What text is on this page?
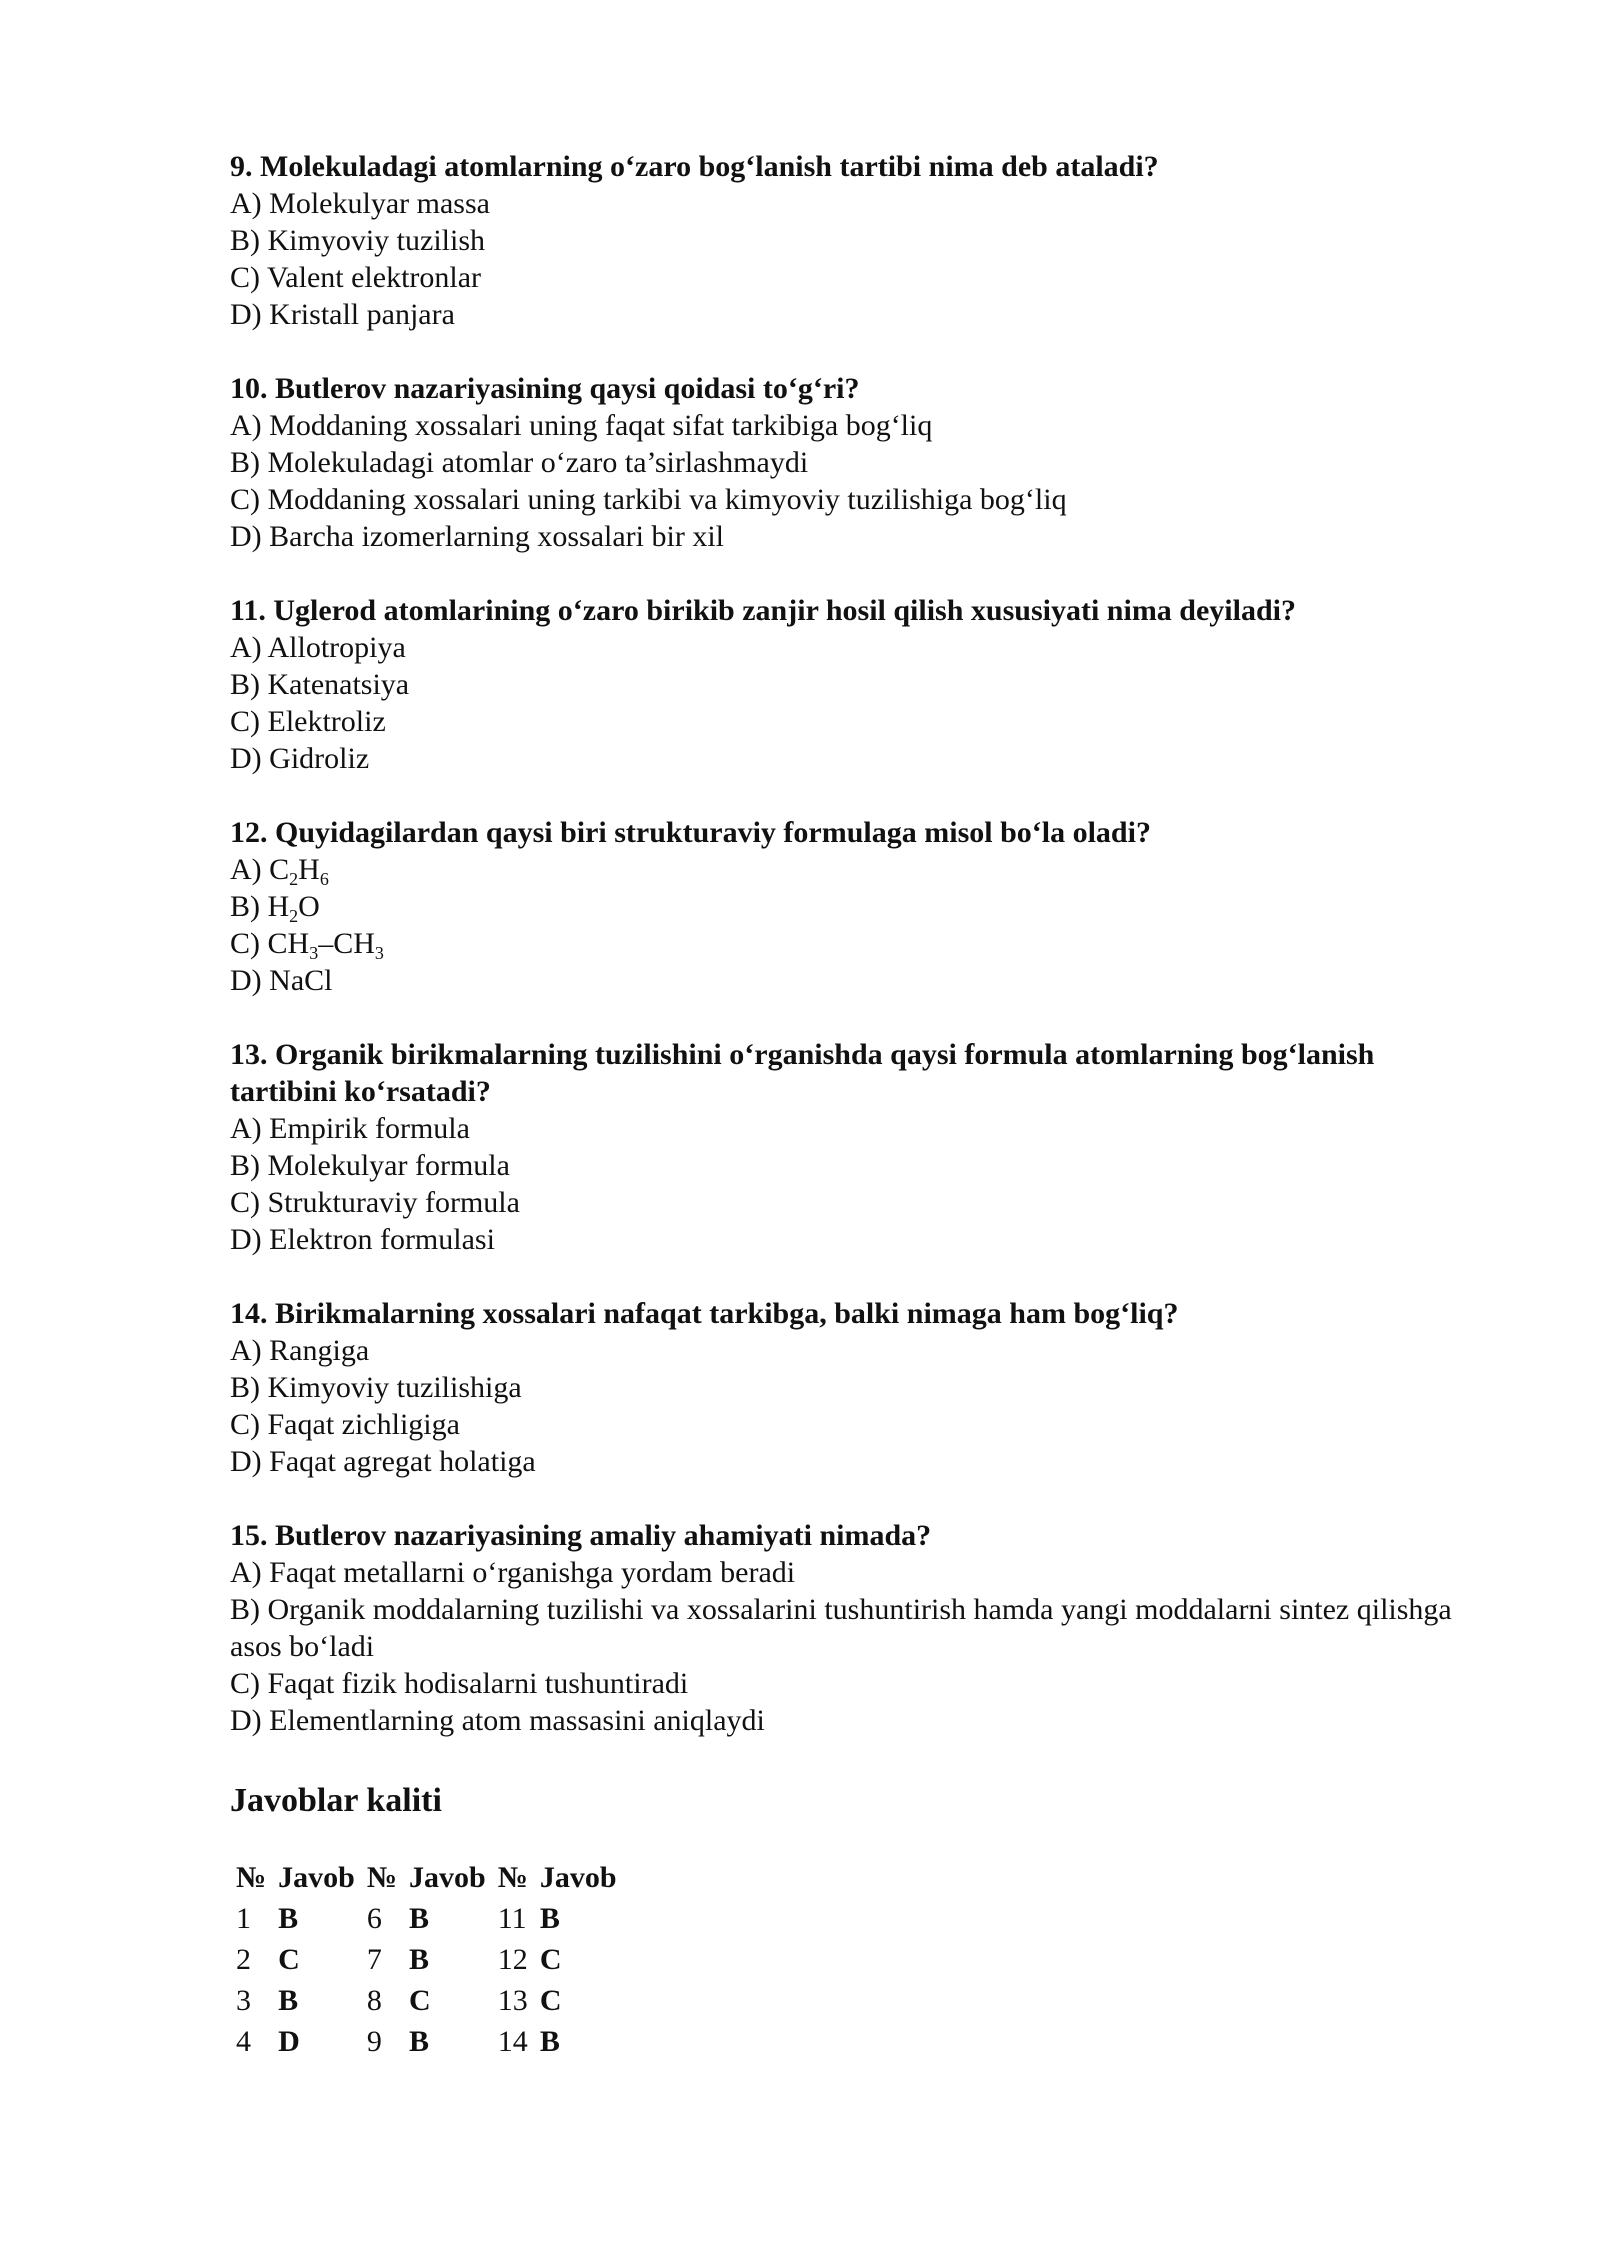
9. Molekuladagi atomlarning o‘zaro bog‘lanish tartibi nima deb ataladi?

A) Molekulyar massa

B) Kimyoviy tuzilish

C) Valent elektronlar

D) Kristall panjara

10. Butlerov nazariyasining qaysi qoidasi to‘g‘ri?

A) Moddaning xossalari uning faqat sifat tarkibiga bog‘liq

B) Molekuladagi atomlar o‘zaro ta’sirlashmaydi

C) Moddaning xossalari uning tarkibi va kimyoviy tuzilishiga bog‘liq

D) Barcha izomerlarning xossalari bir xil

11. Uglerod atomlarining o‘zaro birikib zanjir hosil qilish xususiyati nima deyiladi?

A) Allotropiya

B) Katenatsiya

C) Elektroliz

D) Gidroliz

12. Quyidagilardan qaysi biri strukturaviy formulaga misol bo‘la oladi?

A) $C_2H_6$

B) $H_2O$

C) $CH_3-CH_3$

D) NaCl

13. Organik birikmalarning tuzilishini o‘rganishda qaysi formula atomlarning bog‘lanish tartibini ko‘rsatadi?

A) Empirik formula

B) Molekulyar formula

C) Strukturaviy formula

D) Elektron formulasi

14. Birikmalarning xossalari nafaqat tarkibga, balki nimaga ham bog‘liq?

A) Rangiga

B) Kimyoviy tuzilishiga

C) Faqat zichligiga

D) Faqat agregat holatiga

15. Butlerov nazariyasining amaliy ahamiyati nimada?

A) Faqat metallarni o‘rganishga yordam beradi

B) Organik moddalarning tuzilishi va xossalarini tushuntirish hamda yangi moddalarni sintez qilishga asos bo‘ladi

C) Faqat fizik hodisalarni tushuntiradi

D) Elementlarning atom massasini aniqlaydi

Javoblar kaliti
№	Javob	№	Javob	№	Javob
1	B	6	B	11	B
2	C	7	B	12	C
3	B	8	C	13	C
4	D	9	B	14	B
